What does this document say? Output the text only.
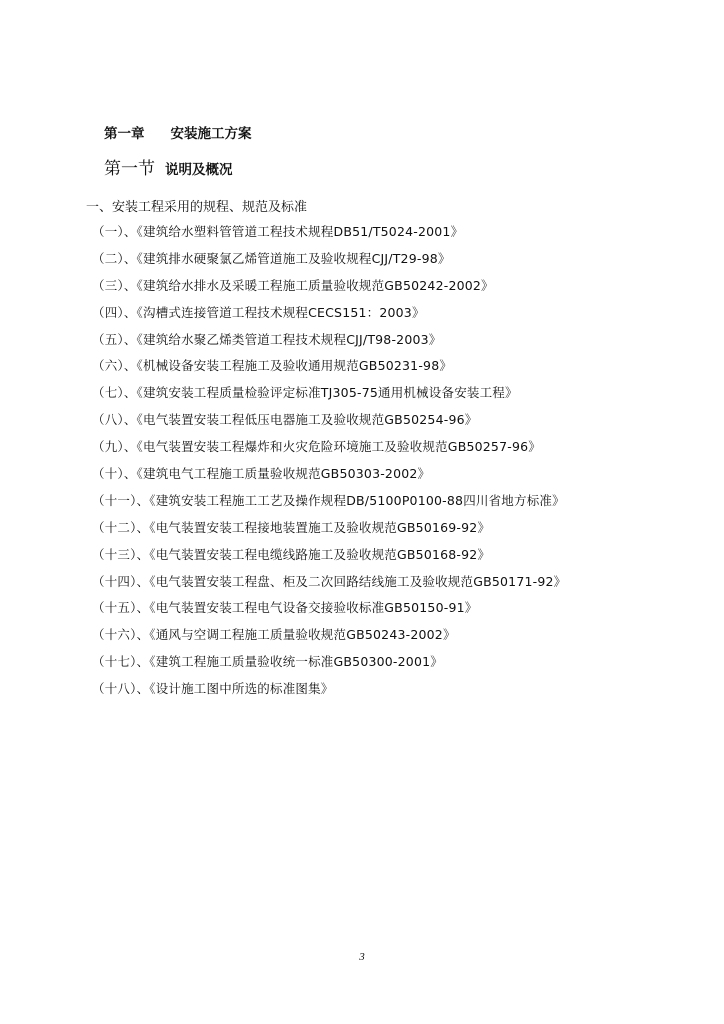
第一章 安装施工方案
第一节 说明及概况
一、安装工程采用的规程、规范及标准
（一）、《建筑给水塑料管管道工程技术规程DB51/T5024-2001》
（二）、《建筑排水硬聚氯乙烯管道施工及验收规程CJJ/T29-98》
（三）、《建筑给水排水及采暖工程施工质量验收规范GB50242-2002》
（四）、《沟槽式连接管道工程技术规程CECS151：2003》
（五）、《建筑给水聚乙烯类管道工程技术规程CJJ/T98-2003》
（六）、《机械设备安装工程施工及验收通用规范GB50231-98》
（七）、《建筑安装工程质量检验评定标准TJ305-75通用机械设备安装工程》
（八）、《电气装置安装工程低压电器施工及验收规范GB50254-96》
（九）、《电气装置安装工程爆炸和火灾危险环境施工及验收规范GB50257-96》
（十）、《建筑电气工程施工质量验收规范GB50303-2002》
（十一）、《建筑安装工程施工工艺及操作规程DB/5100P0100-88四川省地方标准》
（十二）、《电气装置安装工程接地装置施工及验收规范GB50169-92》
（十三）、《电气装置安装工程电缆线路施工及验收规范GB50168-92》
（十四）、《电气装置安装工程盘、柜及二次回路结线施工及验收规范GB50171-92》
（十五）、《电气装置安装工程电气设备交接验收标准GB50150-91》
（十六）、《通风与空调工程施工质量验收规范GB50243-2002》
（十七）、《建筑工程施工质量验收统一标准GB50300-2001》
（十八）、《设计施工图中所选的标准图集》
3
